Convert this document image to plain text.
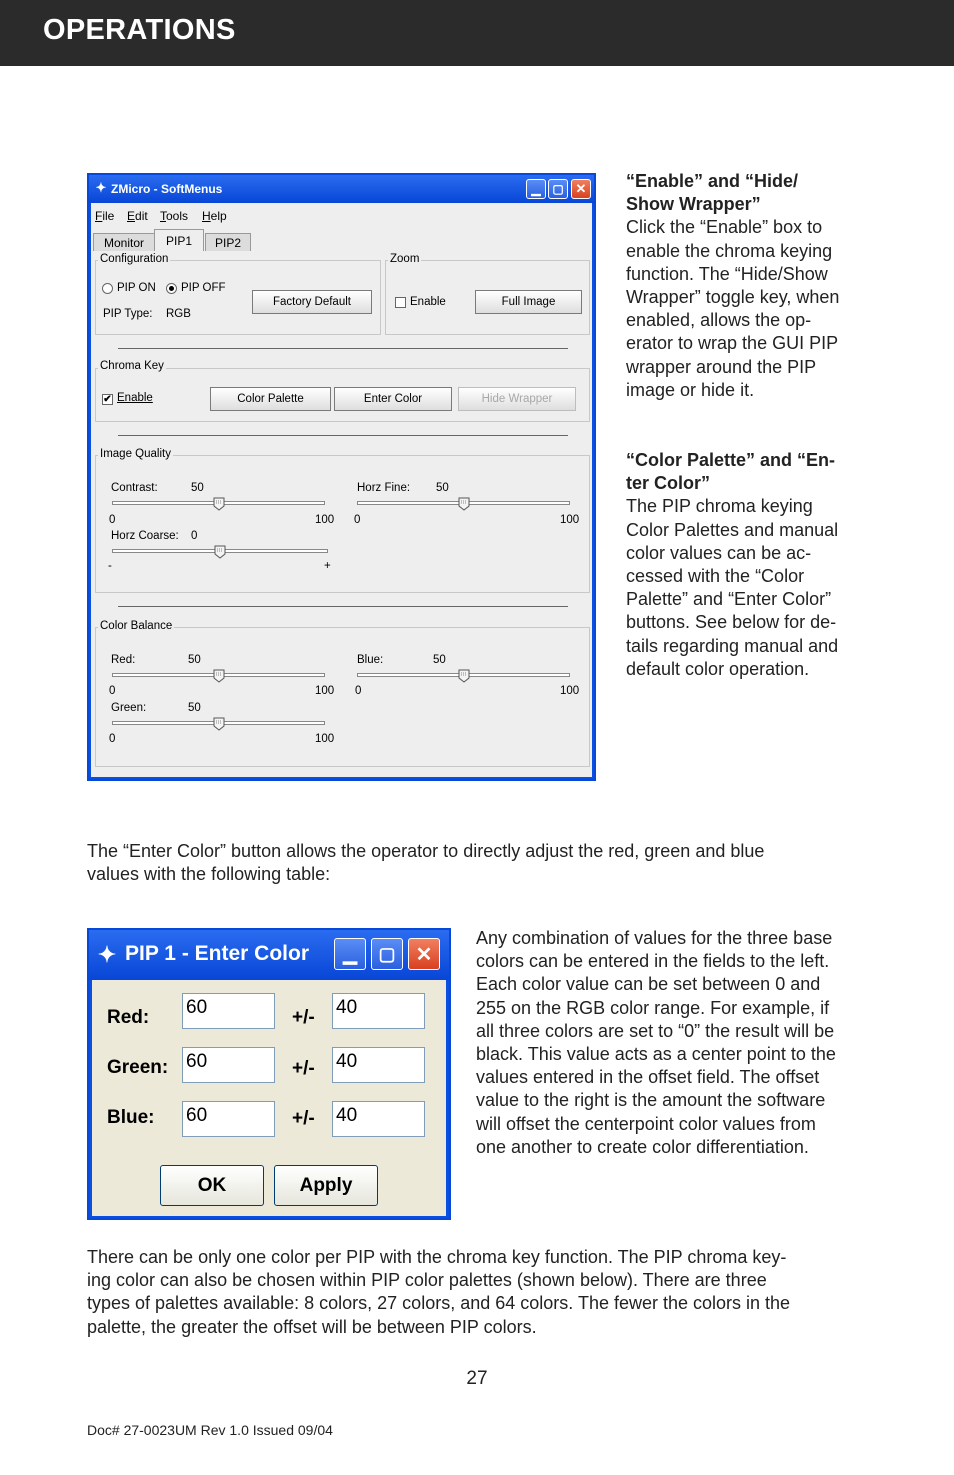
OPERATIONS
✦ ZMicro - SoftMenus	▁ ▢ ✕
File Edit Tools Help
Monitor	PIP1	PIP2
Configuration
PIP ON PIP OFF
PIP Type: RGB
Factory Default
Zoom
Enable	Full Image
Chroma Key
✔ Enable	Color Palette	Enter Color	Hide Wrapper
Image Quality
Contrast:	50
0	100
Horz Fine: 50
0	100
Horz Coarse: 0
-	+
Color Balance
Red:	50
0	100
Blue:	50
0	100
Green:	50
0	100
“Enable” and “Hide/
Show Wrapper”
Click the “Enable” box to
enable the chroma keying
function. The “Hide/Show
Wrapper” toggle key, when
enabled, allows the op-
erator to wrap the GUI PIP
wrapper around the PIP
image or hide it.
“Color Palette” and “En-
ter Color”
The PIP chroma keying
Color Palettes and manual
color values can be ac-
cessed with the “Color
Palette” and “Enter Color”
buttons. See below for de-
tails regarding manual and
default color operation.
The “Enter Color” button allows the operator to directly adjust the red, green and blue
values with the following table:
✦ PIP 1 - Enter Color ▁ ▢ ✕
Red: 60	+/- 40
Green: 60	+/- 40
Blue: 60	+/- 40
OK	Apply
Any combination of values for the three base
colors can be entered in the fields to the left.
Each color value can be set between 0 and
255 on the RGB color range. For example, if
all three colors are set to “0” the result will be
black. This value acts as a center point to the
values entered in the offset field. The offset
value to the right is the amount the software
will offset the centerpoint color values from
one another to create color differentiation.
There can be only one color per PIP with the chroma key function. The PIP chroma key-
ing color can also be chosen within PIP color palettes (shown below). There are three
types of palettes available: 8 colors, 27 colors, and 64 colors. The fewer the colors in the
palette, the greater the offset will be between PIP colors.
27
Doc# 27-0023UM Rev 1.0 Issued 09/04
